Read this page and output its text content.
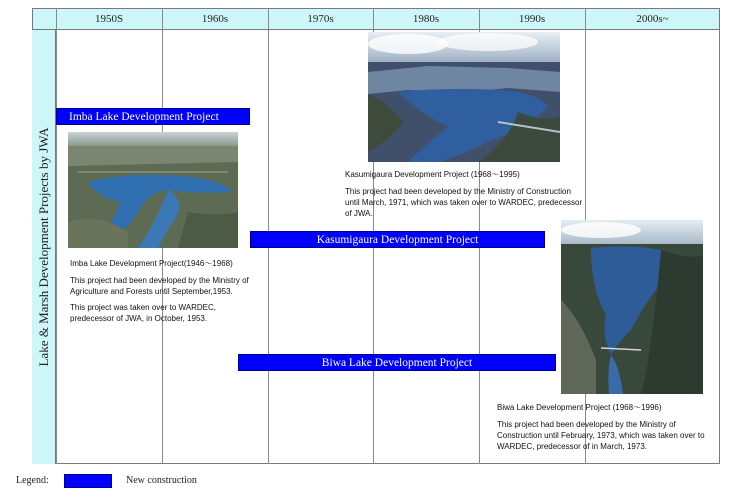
1950S	1960s	1970s	1980s	1990s	2000s~
Lake & Marsh Development Projects by JWA	Kasumigaura Development Project (1968～1995)

This project had been developed by the Ministry of Construction until March, 1971, which was taken over to WARDEC, predecessor of JWA.

Imba Lake Development Project

Imba Lake Development Project(1946～1968)

This project had been developed by the Ministry of Agriculture and Forests until September,1953.

This project was taken over to WARDEC, predecessor of JWA, in October, 1953.

Kasumigaura Development Project
Biwa Lake Development Project

Biwa Lake Development Project (1968～1996)

This project had been developed by the Ministry of Construction until February, 1973, which was taken over to WARDEC, predecessor of in March, 1973.

Legend:	New construction
